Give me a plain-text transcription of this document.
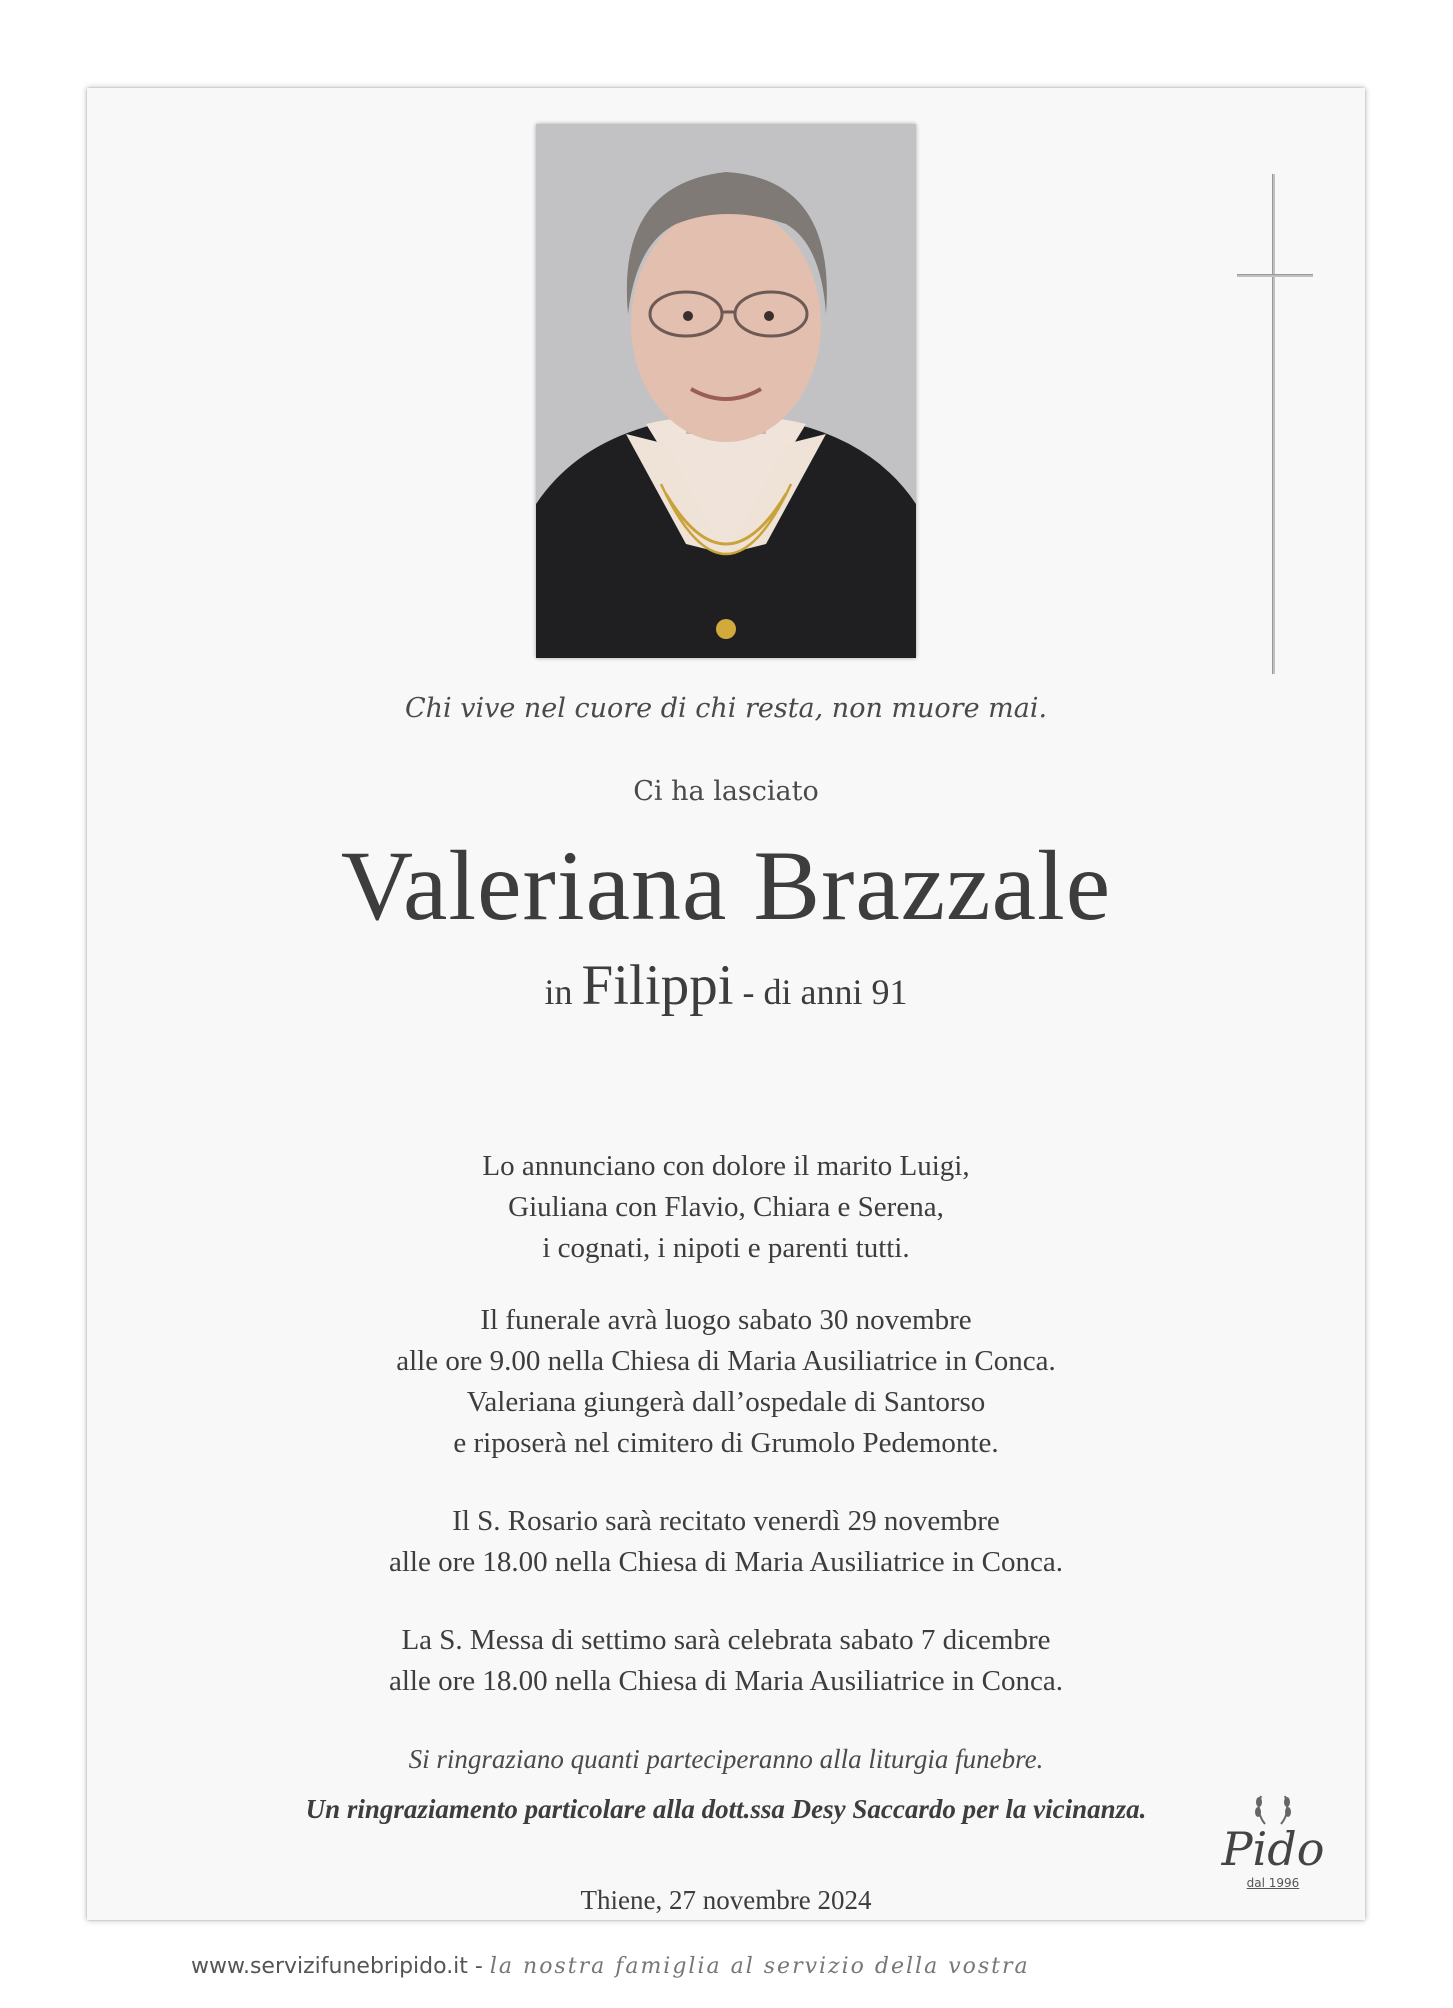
Chi vive nel cuore di chi resta, non muore mai.
Ci ha lasciato
Valeriana Brazzale
in Filippi - di anni 91
Lo annunciano con dolore il marito Luigi,
Giuliana con Flavio, Chiara e Serena,
i cognati, i nipoti e parenti tutti.
Il funerale avrà luogo sabato 30 novembre
alle ore 9.00 nella Chiesa di Maria Ausiliatrice in Conca.
Valeriana giungerà dall’ospedale di Santorso
e riposerà nel cimitero di Grumolo Pedemonte.
Il S. Rosario sarà recitato venerdì 29 novembre
alle ore 18.00 nella Chiesa di Maria Ausiliatrice in Conca.
La S. Messa di settimo sarà celebrata sabato 7 dicembre
alle ore 18.00 nella Chiesa di Maria Ausiliatrice in Conca.
Si ringraziano quanti parteciperanno alla liturgia funebre.
Un ringraziamento particolare alla dott.ssa Desy Saccardo per la vicinanza.
Thiene, 27 novembre 2024
www.servizifunebripido.it - la nostra famiglia al servizio della vostra
Pido
dal 1996
